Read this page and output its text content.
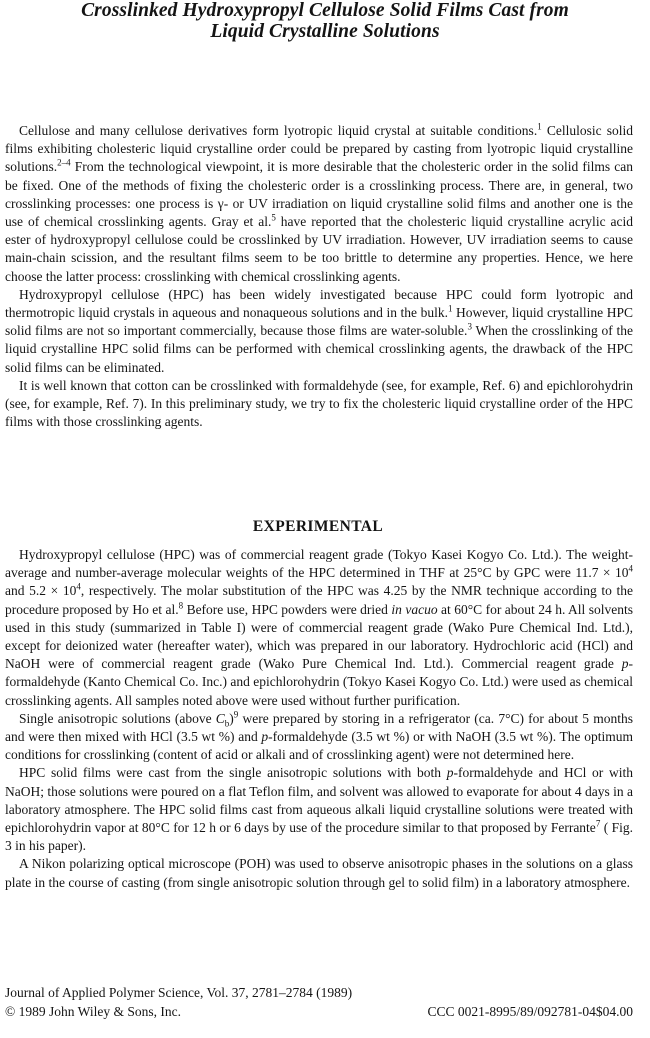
Crosslinked Hydroxypropyl Cellulose Solid Films Cast from
Liquid Crystalline Solutions

Cellulose and many cellulose derivatives form lyotropic liquid crystal at suitable conditions.$^1$ Cellulosic solid films exhibiting cholesteric liquid crystalline order could be prepared by casting from lyotropic liquid crystalline solutions.$^{2-4}$ From the technological viewpoint, it is more desirable that the cholesteric order in the solid films can be fixed. One of the methods of fixing the cholesteric order is a crosslinking process. There are, in general, two crosslinking processes: one process is γ- or UV irradiation on liquid crystalline solid films and another one is the use of chemical crosslinking agents. Gray et al.$^5$ have reported that the cholesteric liquid crystalline acrylic acid ester of hydroxypropyl cellulose could be crosslinked by UV irradiation. However, UV irradiation seems to cause main-chain scission, and the resultant films seem to be too brittle to determine any properties. Hence, we here choose the latter process: crosslinking with chemical crosslinking agents.

Hydroxypropyl cellulose (HPC) has been widely investigated because HPC could form lyotropic and thermotropic liquid crystals in aqueous and nonaqueous solutions and in the bulk.$^1$ However, liquid crystalline HPC solid films are not so important commercially, because those films are water-soluble.$^3$ When the crosslinking of the liquid crystalline HPC solid films can be performed with chemical crosslinking agents, the drawback of the HPC solid films can be eliminated.

It is well known that cotton can be crosslinked with formaldehyde (see, for example, Ref. 6) and epichlorohydrin (see, for example, Ref. 7). In this preliminary study, we try to fix the cholesteric liquid crystalline order of the HPC films with those crosslinking agents.

EXPERIMENTAL

Hydroxypropyl cellulose (HPC) was of commercial reagent grade (Tokyo Kasei Kogyo Co. Ltd.). The weight-average and number-average molecular weights of the HPC determined in THF at 25°C by GPC were $11.7 \times 10^4$ and $5.2 \times 10^4$, respectively. The molar substitution of the HPC was 4.25 by the NMR technique according to the procedure proposed by Ho et al.$^8$ Before use, HPC powders were dried in vacuo at 60°C for about 24 h. All solvents used in this study (summarized in Table I) were of commercial reagent grade (Wako Pure Chemical Ind. Ltd.), except for deionized water (hereafter water), which was prepared in our laboratory. Hydrochloric acid (HCl) and NaOH were of commercial reagent grade (Wako Pure Chemical Ind. Ltd.). Commercial reagent grade p-formaldehyde (Kanto Chemical Co. Inc.) and epichlorohydrin (Tokyo Kasei Kogyo Co. Ltd.) were used as chemical crosslinking agents. All samples noted above were used without further purification.

Single anisotropic solutions (above $C_b)^9$ were prepared by storing in a refrigerator (ca. 7°C) for about 5 months and were then mixed with HCl (3.5 wt %) and p-formaldehyde (3.5 wt %) or with NaOH (3.5 wt %). The optimum conditions for crosslinking (content of acid or alkali and of crosslinking agent) were not determined here.

HPC solid films were cast from the single anisotropic solutions with both p-formaldehyde and HCl or with NaOH; those solutions were poured on a flat Teflon film, and solvent was allowed to evaporate for about 4 days in a laboratory atmosphere. The HPC solid films cast from aqueous alkali liquid crystalline solutions were treated with epichlorohydrin vapor at 80°C for 12 h or 6 days by use of the procedure similar to that proposed by Ferrante$^7$ ( Fig. 3 in his paper).

A Nikon polarizing optical microscope (POH) was used to observe anisotropic phases in the solutions on a glass plate in the course of casting (from single anisotropic solution through gel to solid film) in a laboratory atmosphere.

Journal of Applied Polymer Science, Vol. 37, 2781–2784 (1989)
© 1989 John Wiley & Sons, Inc.	CCC 0021-8995/89/092781-04$04.00
